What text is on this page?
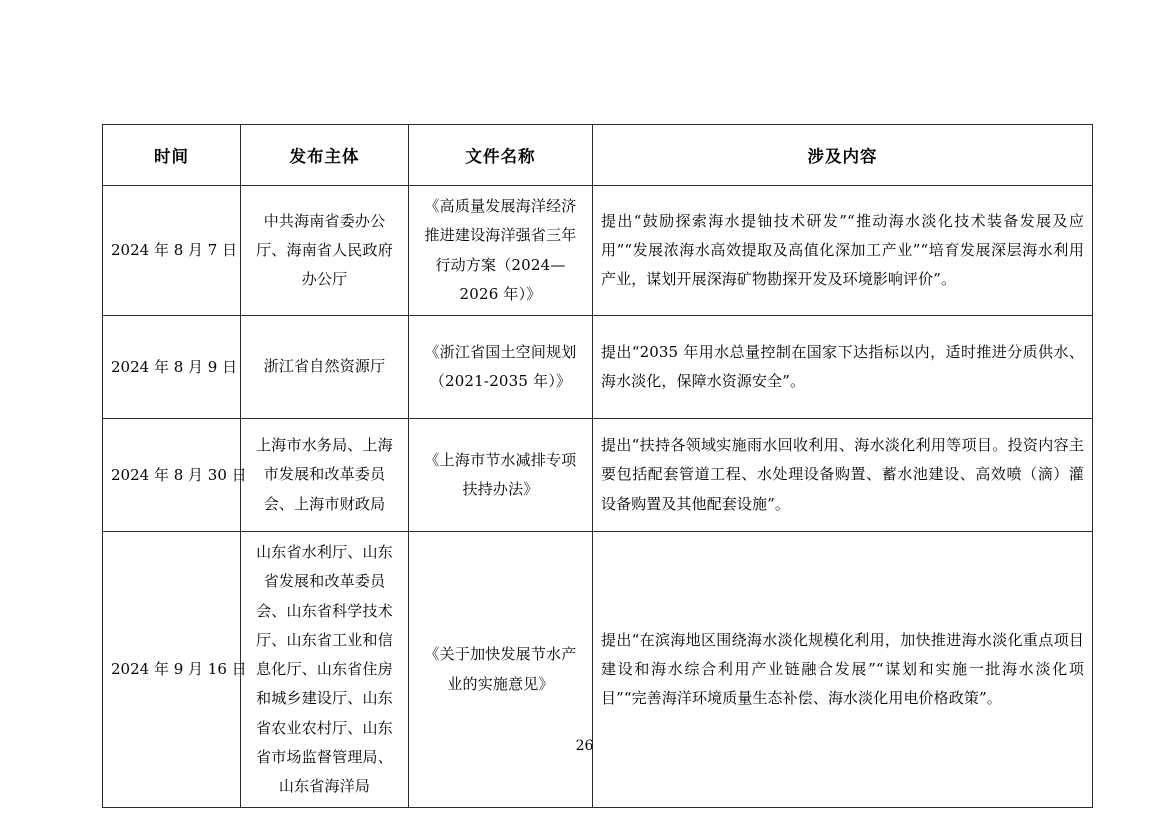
时间	发布主体	文件名称	涉及内容
2024 年 8 月 7 日	中共海南省委办公厅、海南省人民政府办公厅	《高质量发展海洋经济推进建设海洋强省三年行动方案（2024—2026 年）》	提出“鼓励探索海水提铀技术研发”“推动海水淡化技术装备发展及应用”“发展浓海水高效提取及高值化深加工产业”“培育发展深层海水利用产业，谋划开展深海矿物勘探开发及环境影响评价”。
2024 年 8 月 9 日	浙江省自然资源厅	《浙江省国土空间规划（2021-2035 年）》	提出“2035 年用水总量控制在国家下达指标以内，适时推进分质供水、海水淡化，保障水资源安全”。
2024 年 8 月 30 日	上海市水务局、上海市发展和改革委员会、上海市财政局	《上海市节水减排专项扶持办法》	提出“扶持各领域实施雨水回收利用、海水淡化利用等项目。投资内容主要包括配套管道工程、水处理设备购置、蓄水池建设、高效喷（滴）灌设备购置及其他配套设施”。
2024 年 9 月 16 日	山东省水利厅、山东省发展和改革委员会、山东省科学技术厅、山东省工业和信息化厅、山东省住房和城乡建设厅、山东省农业农村厅、山东省市场监督管理局、山东省海洋局	《关于加快发展节水产业的实施意见》	提出“在滨海地区围绕海水淡化规模化利用，加快推进海水淡化重点项目建设和海水综合利用产业链融合发展”“谋划和实施一批海水淡化项目”“完善海洋环境质量生态补偿、海水淡化用电价格政策”。
26
